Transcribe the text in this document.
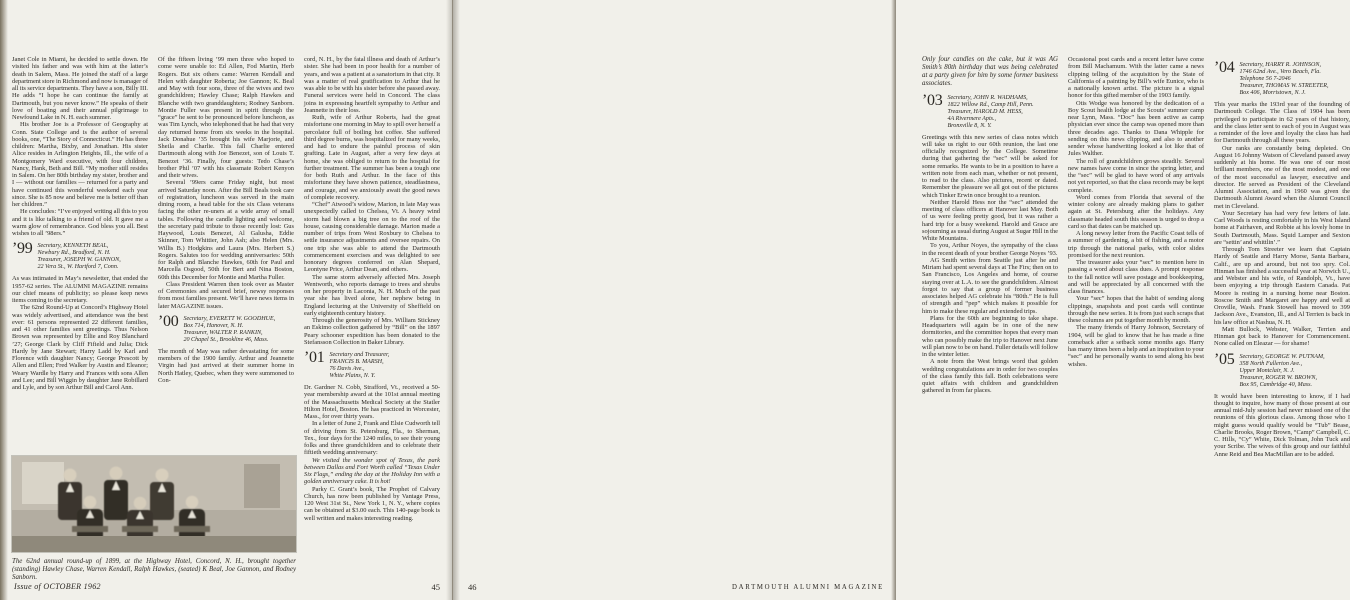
Janet Cole in Miami, he decided to settle down. He visited his father and was with him at the latter’s death in Salem, Mass. He joined the staff of a large department store in Richmond and now is manager of all its service departments. They have a son, Billy III. He adds “I hope he can continue the family at Dartmouth, but you never know.” He speaks of their love of boating and their annual pilgrimage to Newfound Lake in N. H. each summer.

His brother Joe is a Professor of Geography at Conn. State College and is the author of several books, one, “The Story of Connecticut.” He has three children: Martha, Bixby, and Jonathan. His sister Alice resides in Arlington Heights, Ill., the wife of a Montgomery Ward executive, with four children, Nancy, Hank, Beth and Bill. “My mother still resides in Salem. On her 80th birthday my sister, brother and I — without our families — returned for a party and have continued this wonderful weekend each year since. She is 85 now and believe me is better off than her children.”

He concludes: “I’ve enjoyed writing all this to you and it is like talking to a friend of old. It gave me a warm glow of remembrance. God bless you all. Best wishes to all ’98ers.”

’99 Secretary, KENNETH BEAL,
Newbury Rd., Bradford, N. H.
Treasurer, JOSEPH W. GANNON,
22 Vera St., W. Hartford 7, Conn.

As was intimated in May’s newsletter, that ended the 1957-62 series. The ALUMNI MAGAZINE remains our chief means of publicity; so please keep news items coming to the secretary.

The 62nd Round-Up at Concord’s Highway Hotel was widely advertised, and attendance was the best ever: 61 persons represented 22 different families, and 41 other families sent greetings. Thus Nelson Brown was represented by Ellie and Roy Blanchard ’27; George Clark by Cliff Fifield and Julia; Dick Hardy by Jane Stewart; Harry Ladd by Karl and Florence with daughter Nancy; George Prescott by Allen and Ellen; Fred Walker by Austin and Eleanor; Weary Wardle by Harry and Frances with sons Allen and Lee; and Bill Wiggin by daughter Jane Robillard and Lyle, and by son Arthur Bill and Carol Ann.

Of the fifteen living ’99 men three who hoped to come were unable to: Ed Allen, Fod Martin, Herb Rogers. But six others came: Warren Kendall and Helen with daughter Roberta; Joe Gannon; K. Beal and May with four sons, three of the wives and two grandchildren; Hawley Chase; Ralph Hawkes and Blanche with two granddaughters; Rodney Sanborn. Montie Fuller was present in spirit through the “grace” he sent to be pronounced before luncheon, as was Tim Lynch, who telephoned that he had that very day returned home from six weeks in the hospital. Jack Donahue ’35 brought his wife Marjorie, and Sheila and Charlie. This fall Charlie entered Dartmouth along with Joe Benezet, son of Louis T. Benezet ’36. Finally, four guests: Tedo Chase’s brother Phil ’07 with his classmate Robert Kenyon and their wives.

Several ’99ers came Friday night, but most arrived Saturday noon. After the Bill Beals took care of registration, luncheon was served in the main dining room, a head table for the six Class veterans facing the other re-uners at a wide array of small tables. Following the candle lighting and welcome, the secretary paid tribute to those recently lost: Gus Haywood, Louis Benezet, Al Galusha, Eddie Skinner, Tom Whittier, John Ash; also Helen (Mrs. Willis B.) Hodgkins and Laura (Mrs. Herbert S.) Rogers. Salutes too for wedding anniversaries: 50th for Ralph and Blanche Hawkes, 60th for Paul and Marcella Osgood, 50th for Bert and Nina Boston, 60th this December for Montie and Martha Fuller.

Class President Warren then took over as Master of Ceremonies and secured brief, newsy responses from most families present. We’ll have news items in later MAGAZINE issues.

’00 Secretary, EVERETT W. GOODHUE,
Box 714, Hanover, N. H.
Treasurer, WALTER P. RANKIN,
20 Chapel St., Brookline 46, Mass.

The month of May was rather devastating for some members of the 1900 family. Arthur and Jeannette Virgin had just arrived at their summer home in North Hatley, Quebec, when they were summoned to Con-

cord, N. H., by the fatal illness and death of Arthur’s sister. She had been in poor health for a number of years, and was a patient at a sanatorium in that city. It was a matter of real gratification to Arthur that he was able to be with his sister before she passed away. Funeral services were held in Concord. The class joins in expressing heartfelt sympathy to Arthur and Jeannette in their loss.

Ruth, wife of Arthur Roberts, had the great misfortune one morning in May to spill over herself a percolator full of boiling hot coffee. She suffered third degree burns, was hospitalized for many weeks, and had to endure the painful process of skin grafting. Late in August, after a very few days at home, she was obliged to return to the hospital for further treatment. The summer has been a tough one for both Ruth and Arthur. In the face of this misfortune they have shown patience, steadfastness, and courage, and we anxiously await the good news of complete recovery.

“Chef” Atwood’s widow, Marion, in late May was unexpectedly called to Chelsea, Vt. A heavy wind storm had blown a big tree on to the roof of the house, causing considerable damage. Marion made a number of trips from West Roxbury to Chelsea to settle insurance adjustments and oversee repairs. On one trip she was able to attend the Dartmouth commencement exercises and was delighted to see honorary degrees conferred on Alan Shepard, Leontyne Price, Arthur Dean, and others.

The same storm adversely affected Mrs. Joseph Wentworth, who reports damage to trees and shrubs on her property in Laconia, N. H. Much of the past year she has lived alone, her nephew being in England lecturing at the University of Sheffield on early eighteenth century history.

Through the generosity of Mrs. William Stickney an Eskimo collection gathered by “Bill” on the 1897 Peary schooner expedition has been donated to the Stefansson Collection in Baker Library.

’01 Secretary and Treasurer,
FRANCIS B. MARSH,
76 Davis Ave.,
White Plains, N. Y.

Dr. Gardner N. Cobb, Strafford, Vt., received a 50-year membership award at the 101st annual meeting of the Massachusetts Medical Society at the Statler Hilton Hotel, Boston. He has practiced in Worcester, Mass., for over thirty years.

In a letter of June 2, Frank and Elsie Cudworth tell of driving from St. Petersburg, Fla., to Sherman, Tex., four days for the 1240 miles, to see their young folks and three grandchildren and to celebrate their fiftieth wedding anniversary:

We visited the wonder spot of Texas, the park between Dallas and Fort Worth called “Texas Under Six Flags,” ending the day at the Holiday Inn with a golden anniversary cake. It is hot!

Parky C. Grant’s book, The Prophet of Calvary Church, has now been published by Vantage Press, 120 West 31st St., New York 1, N. Y., where copies can be obtained at $3.00 each. This 140-page book is well written and makes interesting reading.

The 62nd annual round-up of 1899, at the Highway Hotel, Concord, N. H., brought together (standing) Hawley Chase, Warren Kendall, Ralph Hawkes, (seated) K Beal, Joe Gannon, and Rodney Sanborn.

Issue of OCTOBER 1962	45

Only four candles on the cake, but it was AG Smith’s 80th birthday that was being celebrated at a party given for him by some former business associates.

’03 Secretary, JOHN R. WADHAMS,
1822 Willow Rd., Camp Hill, Penn.
Treasurer, HAROLD M. HESS,
4A Rivermere Apts.,
Bronxville 8, N. Y.

Greetings with this new series of class notes which will take us right to our 60th reunion, the last one officially recognized by the College. Sometime during that gathering the “sec” will be asked for some remarks. He wants to be in a position to have a written note from each man, whether or not present, to read to the class. Also pictures, recent or dated. Remember the pleasure we all got out of the pictures which Tinker Erwin once brought to a reunion.

Neither Harold Hess nor the “sec” attended the meeting of class officers at Hanover last May. Both of us were feeling pretty good, but it was rather a hard trip for a busy weekend. Harold and Grace are sojourning as usual during August at Sugar Hill in the White Mountains.

To you, Arthur Noyes, the sympathy of the class in the recent death of your brother George Noyes ’93.

AG Smith writes from Seattle just after he and Miriam had spent several days at The Firs; then on to San Francisco, Los Angeles and home, of course staying over at L.A. to see the grandchildren. Almost forgot to say that a group of former business associates helped AG celebrate his “80th.” He is full of strength and “pep” which makes it possible for him to make these regular and extended trips.

Plans for the 60th are beginning to take shape. Headquarters will again be in one of the new dormitories, and the committee hopes that every man who can possibly make the trip to Hanover next June will plan now to be on hand. Fuller details will follow in the winter letter.

A note from the West brings word that golden wedding congratulations are in order for two couples of the class family this fall. Both celebrations were quiet affairs with children and grandchildren gathered in from far places.

Occasional post cards and a recent letter have come from Bill Machamum. With the latter came a news clipping telling of the acquisition by the State of California of a painting by Bill’s wife Eunice, who is a nationally known artist. The picture is a signal honor for this gifted member of the 1903 family.

Otis Wodge was honored by the dedication of a Boy Scout health lodge at the Scouts’ summer camp near Lynn, Mass. “Doc” has been active as camp physician ever since the camp was opened more than three decades ago. Thanks to Dana Whipple for sending on this news clipping, and also to another sender whose handwriting looked a lot like that of Jules Walther.

The roll of grandchildren grows steadily. Several new names have come in since the spring letter, and the “sec” will be glad to have word of any arrivals not yet reported, so that the class records may be kept complete.

Word comes from Florida that several of the winter colony are already making plans to gather again at St. Petersburg after the holidays. Any classmate headed south this season is urged to drop a card so that dates can be matched up.

A long newsy letter from the Pacific Coast tells of a summer of gardening, a bit of fishing, and a motor trip through the national parks, with color slides promised for the next reunion.

The treasurer asks your “sec” to mention here in passing a word about class dues. A prompt response to the fall notice will save postage and bookkeeping, and will be appreciated by all concerned with the class finances.

Your “sec” hopes that the habit of sending along clippings, snapshots and post cards will continue through the new series. It is from just such scraps that these columns are put together month by month.

The many friends of Harry Johnson, Secretary of 1904, will be glad to know that he has made a fine comeback after a setback some months ago. Harry has many times been a help and an inspiration to your “sec” and he personally wants to send along his best wishes.

’04 Secretary, HARRY R. JOHNSON,
1746 62nd Ave., Vero Beach, Fla.
Telephone 56 7-2046
Treasurer, THOMAS W. STREETER,
Box 406, Morristown, N. J.

This year marks the 193rd year of the founding of Dartmouth College. The Class of 1904 has been privileged to participate in 62 years of that history, and the class letter sent to each of you in August was a reminder of the love and loyalty the class has had for Dartmouth through all these years.

Our ranks are constantly being depleted. On August 16 Johnny Watson of Cleveland passed away suddenly at his home. He was one of our most brilliant members, one of the most modest, and one of the most successful as lawyer, executive and director. He served as President of the Cleveland Alumni Association, and in 1960 was given the Dartmouth Alumni Award when the Alumni Council met in Cleveland.

Your Secretary has had very few letters of late. Carl Woods is resting comfortably in his West Island home at Fairhaven, and Robbie at his lovely home in South Dartmouth, Mass. Squid Lamper and Sexton are “settin’ and whittlin’.”

Through Tom Streeter we learn that Captain Hardy of Seattle and Harry Morse, Santa Barbara, Calif., are up and around, but not too spry. Col. Hinman has finished a successful year at Norwich U., and Webster and his wife, of Randolph, Vt., have been enjoying a trip through Eastern Canada. Pat Moore is resting in a nursing home near Boston. Roscoe Smith and Margaret are happy and well at Oroville, Wash. Frank Stowell has moved to 399 Jackson Ave., Evanston, Ill., and Al Terrien is back in his law office at Nashua, N. H.

Matt Bullock, Webster, Walker, Terrien and Hinman got back to Hanover for Commencement. None called on Eleazar — for shame!

’05 Secretary, GEORGE W. PUTNAM,
358 North Fullerton Ave.,
Upper Montclair, N. J.
Treasurer, ROGER W. BROWN,
Box 95, Cambridge 40, Mass.

It would have been interesting to know, if I had thought to inquire, how many of those present at our annual mid-July session had never missed one of the reunions of this glorious class. Among those who I might guess would qualify would be “Tub” Bease, Charlie Brooks, Roger Brown, “Camp” Campbell, C. C. Hills, “Cy” White, Dick Tolman, John Tuck and your Scribe. The wives of this group and our faithful Anne Reid and Bea MacMillan are to be added.

46	DARTMOUTH ALUMNI MAGAZINE
